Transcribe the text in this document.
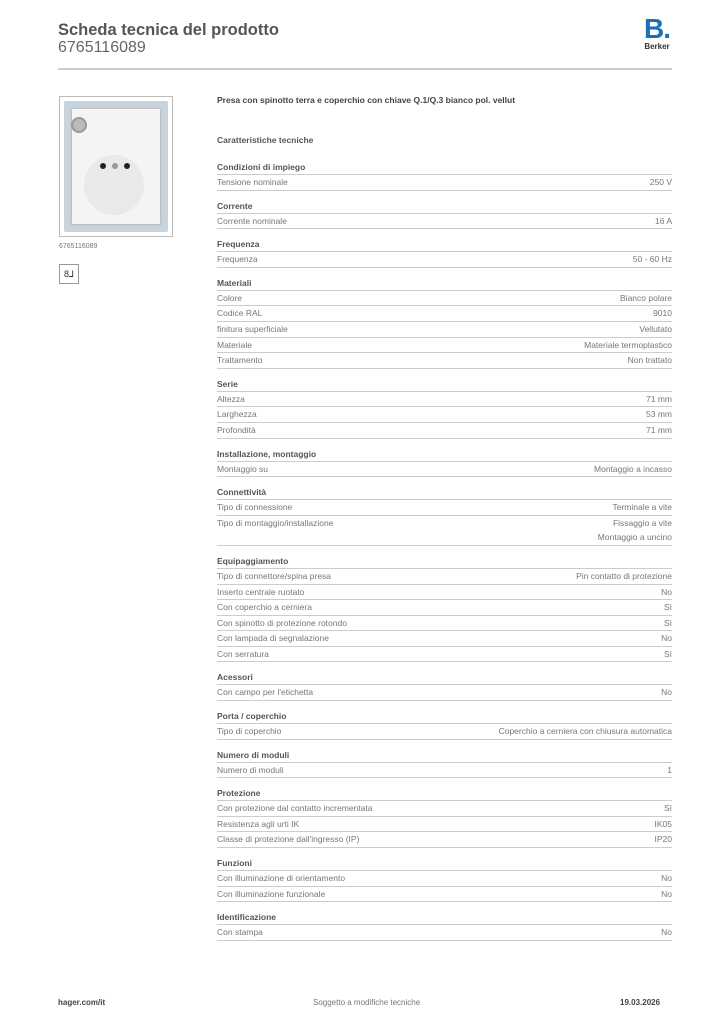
Scheda tecnica del prodotto
6765116089
B.
Berker
6765116089
8⅃
Presa con spinotto terra e coperchio con chiave Q.1/Q.3 bianco pol. vellut
Caratteristiche tecniche
Condizioni di impiego
Tensione nominale	250 V
Corrente
Corrente nominale	16 A
Frequenza
Frequenza	50 - 60 Hz
Materiali
Colore	Bianco polare
Codice RAL	9010
finitura superficiale	Vellutato
Materiale	Materiale termoplastico
Trattamento	Non trattato
Serie
Altezza	71 mm
Larghezza	53 mm
Profondità	71 mm
Installazione, montaggio
Montaggio su	Montaggio a incasso
Connettività
Tipo di connessione	Terminale a vite
Tipo di montaggio/installazione	Fissaggio a vite
Montaggio a uncino
Equipaggiamento
Tipo di connettore/spina presa	Pin contatto di protezione
Inserto centrale ruotato	No
Con coperchio a cerniera	Sì
Con spinotto di protezione rotondo	Sì
Con lampada di segnalazione	No
Con serratura	Sì
Acessori
Con campo per l'etichetta	No
Porta / coperchio
Tipo di coperchio	Coperchio a cerniera con chiusura automatica
Numero di moduli
Numero di moduli	1
Protezione
Con protezione dal contatto incrementata	Sì
Resistenza agli urti IK	IK05
Classe di protezione dall'ingresso (IP)	IP20
Funzioni
Con illuminazione di orientamento	No
Con illuminazione funzionale	No
Identificazione
Con stampa	No
hager.com/it	Soggetto a modifiche tecniche	19.03.2026
